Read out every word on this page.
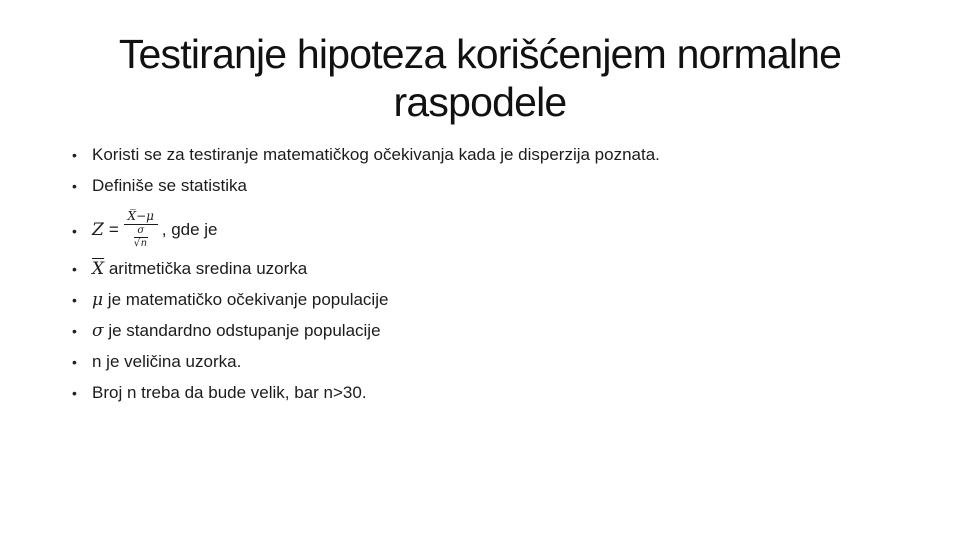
Testiranje hipoteza korišćenjem normalne
raspodele
• Koristi se za testiranje matematičkog očekivanja kada je disperzija poznata.
• Definiše se statistika
• $Z = \frac{X̅-\mu}{\frac{\sigma}{√n}}$ , gde je
• $\overline{X}$ aritmetička sredina uzorka
• μ je matematičko očekivanje populacije
• σ je standardno odstupanje populacije
• n je veličina uzorka.
• Broj n treba da bude velik, bar n>30.
